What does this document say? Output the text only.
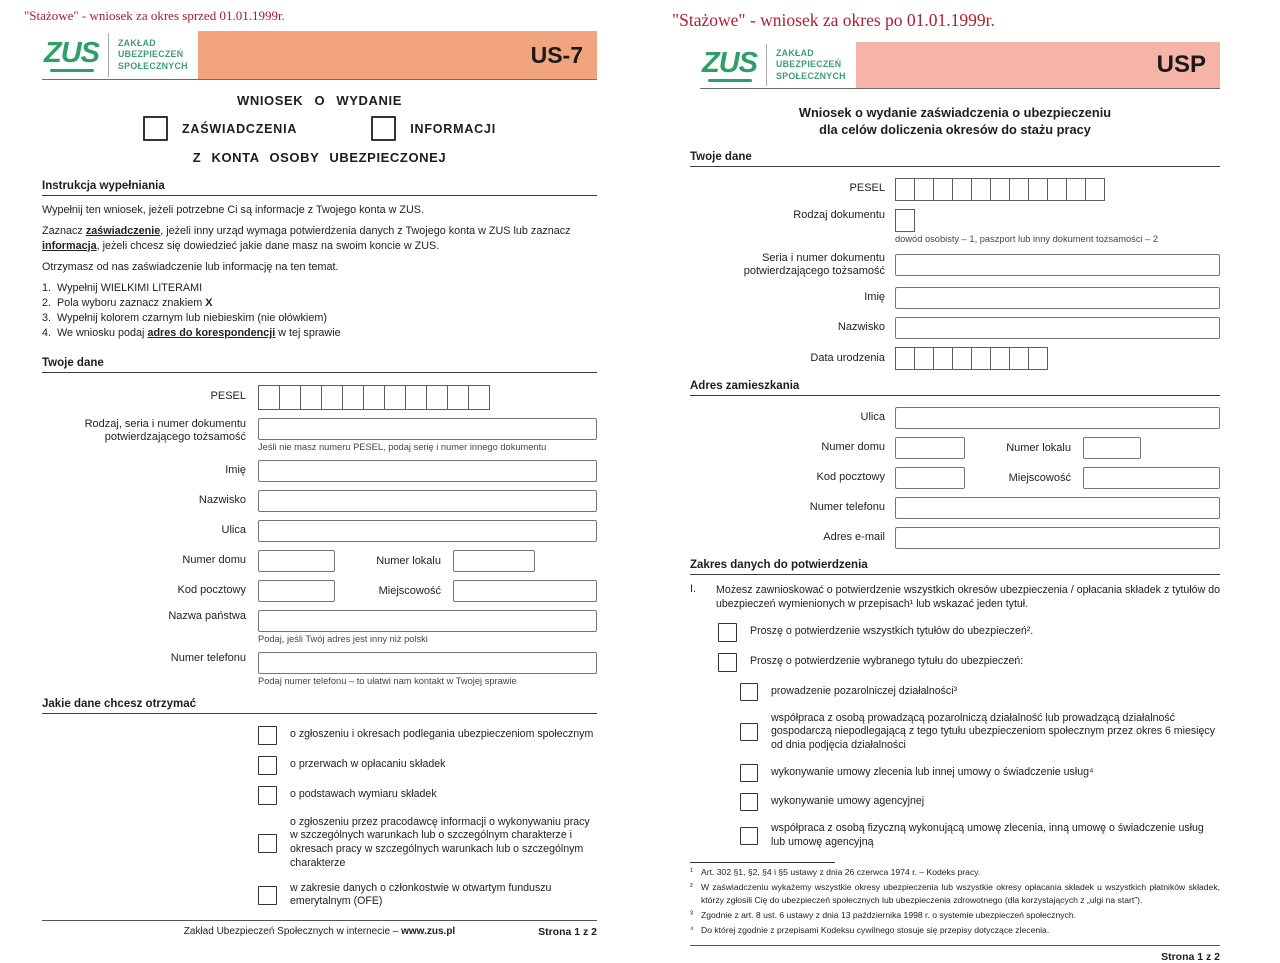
"Stażowe" - wniosek za okres sprzed 01.01.1999r.
ZUS ZAKŁAD
UBEZPIECZEŃ
SPOŁECZNYCH	US-7
WNIOSEK O WYDANIE
ZAŚWIADCZENIA	INFORMACJI
Z KONTA OSOBY UBEZPIECZONEJ
Instrukcja wypełniania
Wypełnij ten wniosek, jeżeli potrzebne Ci są informacje z Twojego konta w ZUS.
Zaznacz zaświadczenie, jeżeli inny urząd wymaga potwierdzenia danych z Twojego konta w ZUS lub zaznacz informacja, jeżeli chcesz się dowiedzieć jakie dane masz na swoim koncie w ZUS.
Otrzymasz od nas zaświadczenie lub informację na ten temat.
1.  Wypełnij WIELKIMI LITERAMI
2.  Pola wyboru zaznacz znakiem X
3.  Wypełnij kolorem czarnym lub niebieskim (nie ołówkiem)
4.  We wniosku podaj adres do korespondencji w tej sprawie
Twoje dane
PESEL
Rodzaj, seria i numer dokumentu potwierdzającego tożsamość
Jeśli nie masz numeru PESEL, podaj serię i numer innego dokumentu
Imię
Nazwisko
Ulica
Numer domu	Numer lokalu
Kod pocztowy	Miejscowość
Nazwa państwa
Podaj, jeśli Twój adres jest inny niż polski
Numer telefonu
Podaj numer telefonu – to ułatwi nam kontakt w Twojej sprawie
Jakie dane chcesz otrzymać
o zgłoszeniu i okresach podlegania ubezpieczeniom społecznym
o przerwach w opłacaniu składek
o podstawach wymiaru składek
o zgłoszeniu przez pracodawcę informacji o wykonywaniu pracy w szczególnych warunkach lub o szczególnym charakterze i okresach pracy w szczególnych warunkach lub o szczególnym charakterze
w zakresie danych o członkostwie w otwartym funduszu emerytalnym (OFE)
Zakład Ubezpieczeń Społecznych w internecie – www.zus.pl	Strona 1 z 2
"Stażowe" - wniosek za okres po 01.01.1999r.
ZUS ZAKŁAD
UBEZPIECZEŃ
SPOŁECZNYCH	USP
Wniosek o wydanie zaświadczenia o ubezpieczeniu
dla celów doliczenia okresów do stażu pracy
Twoje dane
PESEL
Rodzaj dokumentu
dowód osobisty – 1, paszport lub inny dokument tożsamości – 2
Seria i numer dokumentu potwierdzającego tożsamość
Imię
Nazwisko
Data urodzenia
Adres zamieszkania
Ulica
Numer domu	Numer lokalu
Kod pocztowy	Miejscowość
Numer telefonu
Adres e-mail
Zakres danych do potwierdzenia
I.	Możesz zawnioskować o potwierdzenie wszystkich okresów ubezpieczenia / opłacania składek z tytułów do ubezpieczeń wymienionych w przepisach¹ lub wskazać jeden tytuł.
Proszę o potwierdzenie wszystkich tytułów do ubezpieczeń².
Proszę o potwierdzenie wybranego tytułu do ubezpieczeń:
prowadzenie pozarolniczej działalności³
współpraca z osobą prowadzącą pozarolniczą działalność lub prowadzącą działalność gospodarczą niepodlegającą z tego tytułu ubezpieczeniom społecznym przez okres 6 miesięcy od dnia podjęcia działalności
wykonywanie umowy zlecenia lub innej umowy o świadczenie usług⁴
wykonywanie umowy agencyjnej
współpraca z osobą fizyczną wykonującą umowę zlecenia, inną umowę o świadczenie usług lub umowę agencyjną
¹ Art. 302 §1, §2, §4 i §5 ustawy z dnia 26 czerwca 1974 r. – Kodeks pracy.
² W zaświadczeniu wykażemy wszystkie okresy ubezpieczenia lub wszystkie okresy opłacania składek u wszystkich płatników składek, którzy zgłosili Cię do ubezpieczeń społecznych lub ubezpieczenia zdrowotnego (dla korzystających z „ulgi na start”).
³ Zgodnie z art. 8 ust. 6 ustawy z dnia 13 października 1998 r. o systemie ubezpieczeń społecznych.
⁴ Do której zgodnie z przepisami Kodeksu cywilnego stosuje się przepisy dotyczące zlecenia.
Strona 1 z 2
